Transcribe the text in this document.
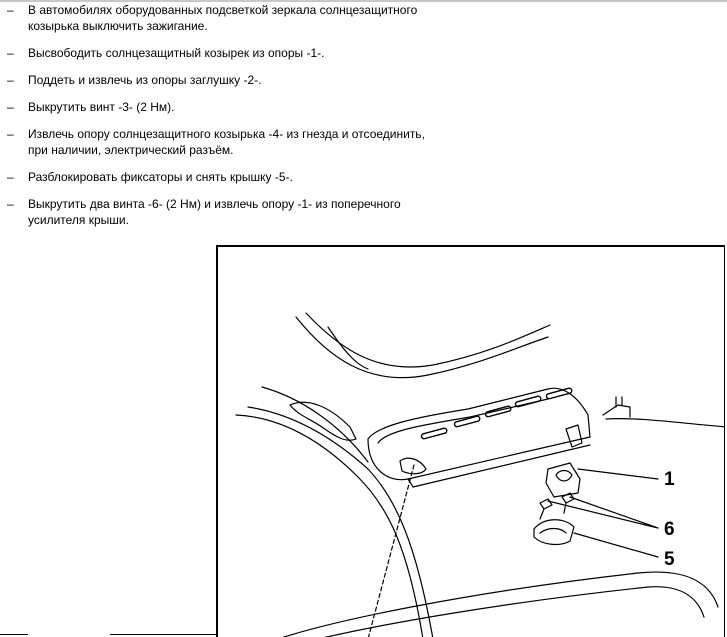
– В автомобилях оборудованных подсветкой зеркала солнцезащитного козырька выключить зажигание.
– Высвободить солнцезащитный козырек из опоры -1-.
– Поддеть и извлечь из опоры заглушку -2-.
– Выкрутить винт -3- (2 Нм).
– Извлечь опору солнцезащитного козырька -4- из гнезда и отсоединить, при наличии, электрический разъём.
– Разблокировать фиксаторы и снять крышку -5-.
– Выкрутить два винта -6- (2 Нм) и извлечь опору -1- из поперечного усилителя крыши.
1
6
5
